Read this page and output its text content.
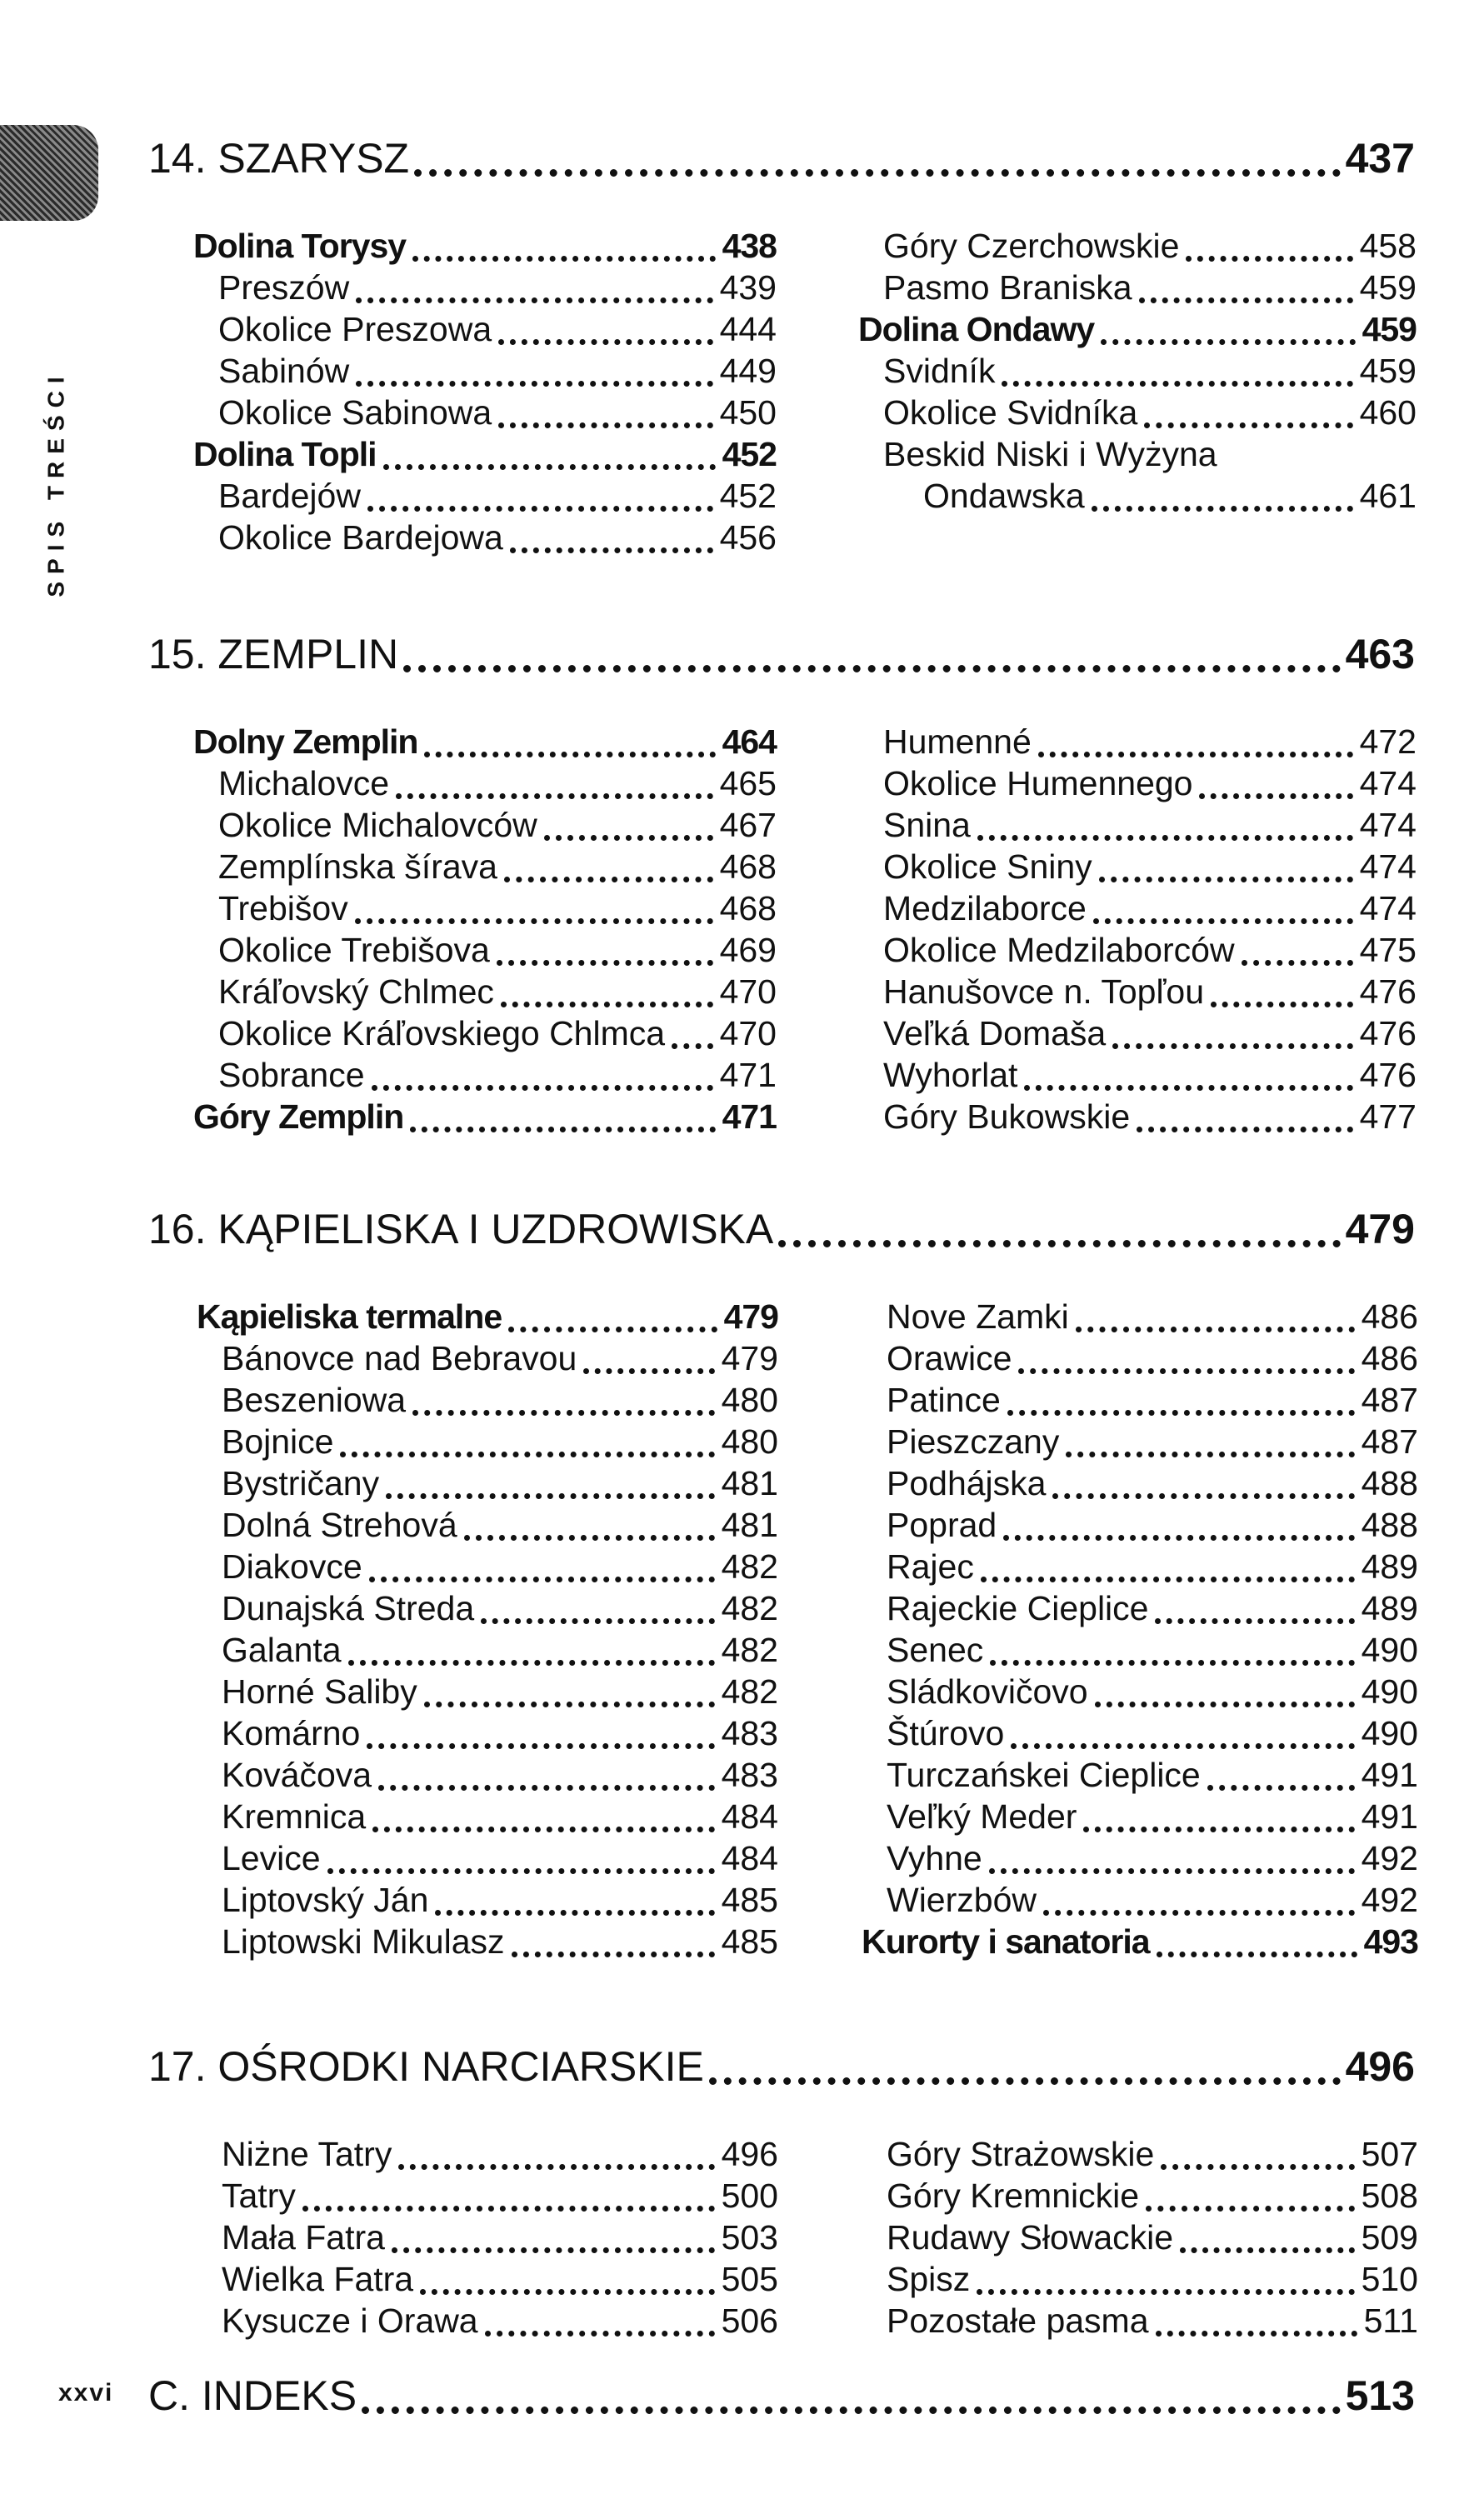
SPIS TREŚCI
14. SZARYSZ	437
Dolina Torysy	438
Preszów	439
Okolice Preszowa	444
Sabinów	449
Okolice Sabinowa	450
Dolina Topli	452
Bardejów	452
Okolice Bardejowa	456
Góry Czerchowskie	458
Pasmo Braniska	459
Dolina Ondawy	459
Svidník	459
Okolice Svidníka	460
Beskid Niski i Wyżyna
Ondawska	461
15. ZEMPLIN	463
Dolny Zemplin	464
Michalovce	465
Okolice Michalovców	467
Zemplínska šírava	468
Trebišov	468
Okolice Trebišova	469
Kráľovský Chlmec	470
Okolice Kráľovskiego Chlmca 470
Sobrance	471
Góry Zemplin	471
Humenné	472
Okolice Humennego	474
Snina	474
Okolice Sniny	474
Medzilaborce	474
Okolice Medzilaborców	475
Hanušovce n. Topľou	476
Veľká Domaša	476
Wyhorlat	476
Góry Bukowskie	477
16. KĄPIELISKA I UZDROWISKA	479
Kąpieliska termalne	479
Bánovce nad Bebravou	479
Beszeniowa	480
Bojnice	480
Bystričany	481
Dolná Strehová	481
Diakovce	482
Dunajská Streda	482
Galanta	482
Horné Saliby	482
Komárno	483
Kováčova	483
Kremnica	484
Levice	484
Liptovský Ján	485
Liptowski Mikulasz	485
Nove Zamki	486
Orawice	486
Patince	487
Pieszczany	487
Podhájska	488
Poprad	488
Rajec	489
Rajeckie Cieplice	489
Senec	490
Sládkovičovo	490
Štúrovo	490
Turczańskei Cieplice	491
Veľký Meder	491
Vyhne	492
Wierzbów	492
Kurorty i sanatoria	493
17. OŚRODKI NARCIARSKIE	496
Niżne Tatry	496
Tatry	500
Mała Fatra	503
Wielka Fatra	505
Kysucze i Orawa	506
Góry Strażowskie	507
Góry Kremnickie	508
Rudawy Słowackie	509
Spisz	510
Pozostałe pasma	511
C. INDEKS	513
xxvi
